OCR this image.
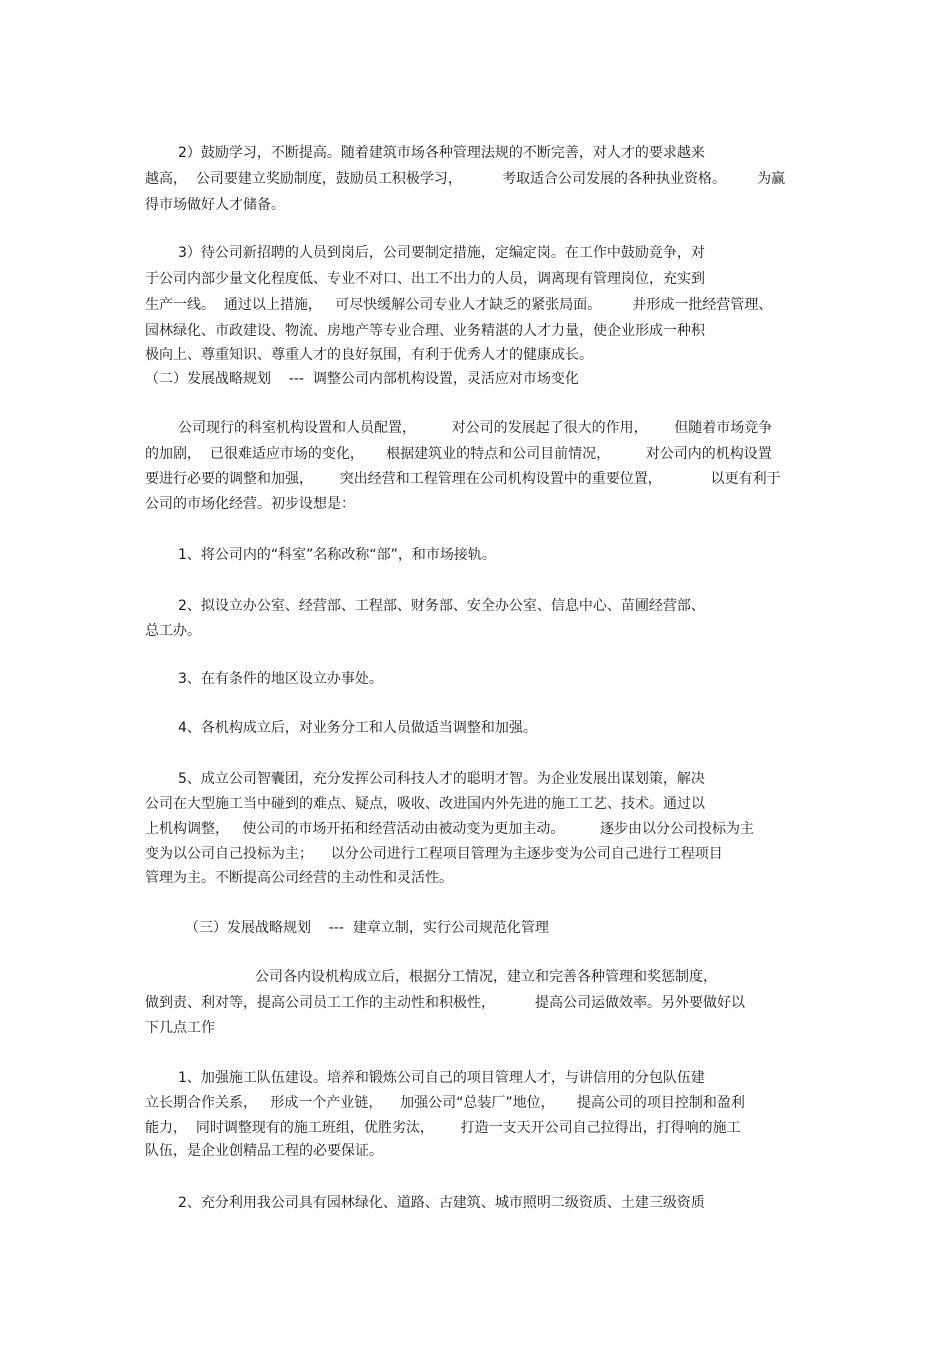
2）鼓励学习，不断提高。随着建筑市场各种管理法规的不断完善，对人才的要求越来
越高，  公司要建立奖励制度，鼓励员工积极学习，         考取适合公司发展的各种执业资格。       为赢
得市场做好人才储备。
3）待公司新招聘的人员到岗后，公司要制定措施，定编定岗。在工作中鼓励竞争，对
于公司内部少量文化程度低、专业不对口、出工不出力的人员，调离现有管理岗位，充实到
生产一线。  通过以上措施，   可尽快缓解公司专业人才缺乏的紧张局面。       并形成一批经营管理、
园林绿化、市政建设、物流、房地产等专业合理、业务精湛的人才力量，使企业形成一种积
极向上、尊重知识、尊重人才的良好氛围，有利于优秀人才的健康成长。
（二）发展战略规划    ---  调整公司内部机构设置，灵活应对市场变化
公司现行的科室机构设置和人员配置，        对公司的发展起了很大的作用，      但随着市场竞争
的加剧，  已很难适应市场的变化，     根据建筑业的特点和公司目前情况，        对公司内的机构设置
要进行必要的调整和加强，      突出经营和工程管理在公司机构设置中的重要位置，           以更有利于
公司的市场化经营。初步设想是：
1、将公司内的“科室”名称改称“部”，和市场接轨。
2、拟设立办公室、经营部、工程部、财务部、安全办公室、信息中心、苗圃经营部、
总工办。
3、在有条件的地区设立办事处。
4、各机构成立后，对业务分工和人员做适当调整和加强。
5、成立公司智囊团，充分发挥公司科技人才的聪明才智。为企业发展出谋划策，解决
公司在大型施工当中碰到的难点、疑点，吸收、改进国内外先进的施工工艺、技术。通过以
上机构调整，   使公司的市场开拓和经营活动由被动变为更加主动。        逐步由以分公司投标为主
变为以公司自己投标为主；    以分公司进行工程项目管理为主逐步变为公司自己进行工程项目
管理为主。不断提高公司经营的主动性和灵活性。
（三）发展战略规划    ---  建章立制，实行公司规范化管理
公司各内设机构成立后，根据分工情况，建立和完善各种管理和奖惩制度，
做到责、利对等，提高公司员工工作的主动性和积极性，         提高公司运做效率。另外要做好以
下几点工作
1、加强施工队伍建设。培养和锻炼公司自己的项目管理人才，与讲信用的分包队伍建
立长期合作关系，   形成一个产业链，    加强公司“总装厂”地位，     提高公司的项目控制和盈利
能力，  同时调整现有的施工班组，优胜劣汰，      打造一支天开公司自己拉得出，打得响的施工
队伍，是企业创精品工程的必要保证。
2、充分利用我公司具有园林绿化、道路、古建筑、城市照明二级资质、土建三级资质
